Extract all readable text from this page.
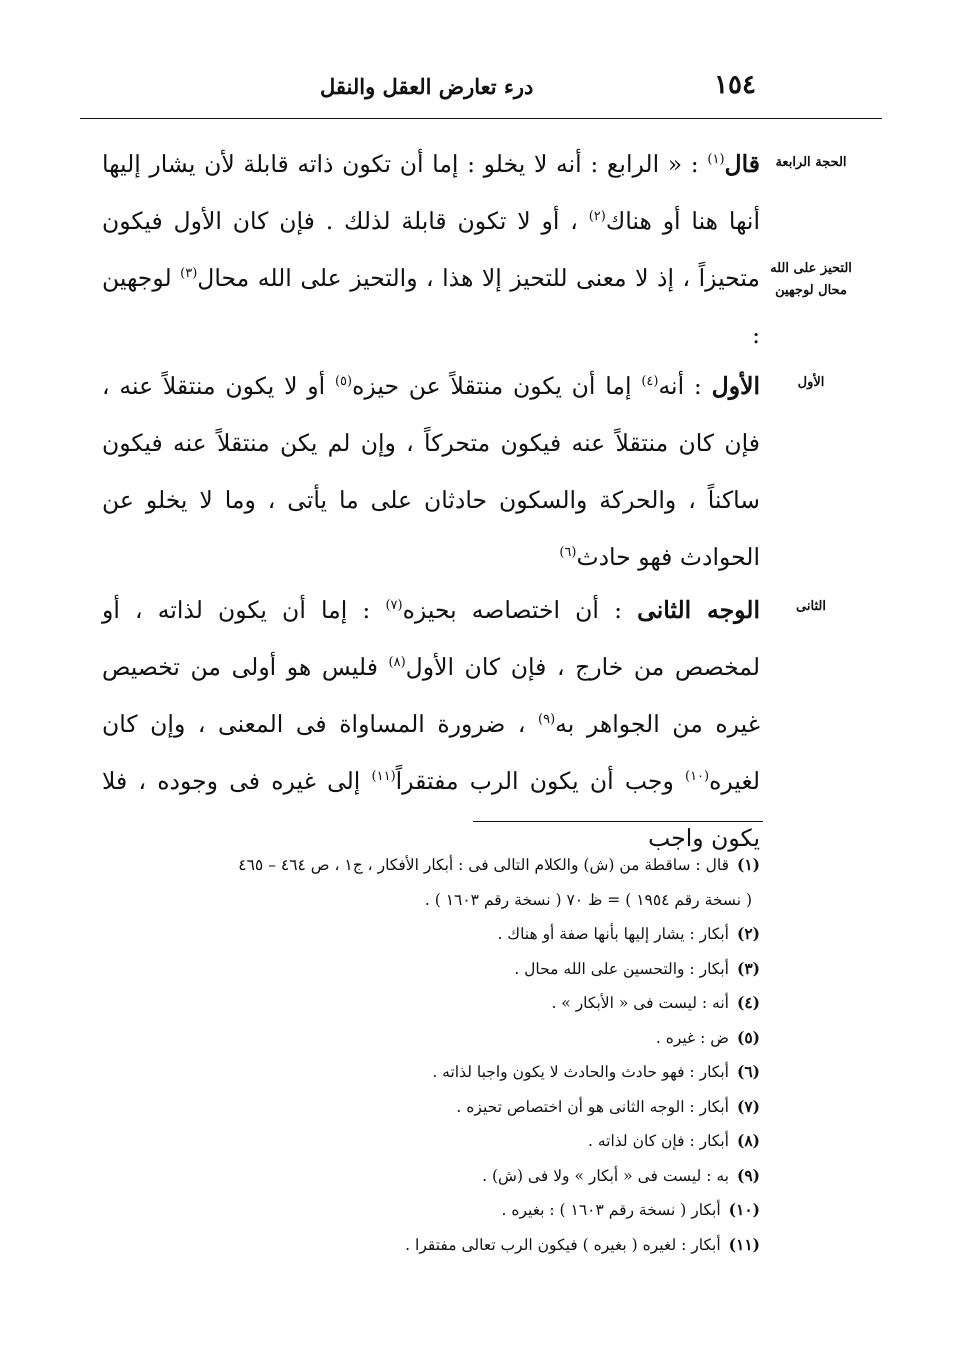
١٥٤
درء تعارض العقل والنقل
الحجة الرابعة
التحيز على الله محال لوجهين
الأول
الثانى

قال$^{(١)}$ : « الرابع : أنه لا يخلو : إما أن تكون ذاته قابلة لأن يشار إليها أنها هنا أو هناك$^{(٢)}$ ، أو لا تكون قابلة لذلك . فإن كان الأول فيكون متحيزاً ، إذ لا معنى للتحيز إلا هذا ، والتحيز على الله محال$^{(٣)}$ لوجهين :

الأول : أنه$^{(٤)}$ إما أن يكون منتقلاً عن حيزه$^{(٥)}$ أو لا يكون منتقلاً عنه ، فإن كان منتقلاً عنه فيكون متحركاً ، وإن لم يكن منتقلاً عنه فيكون ساكناً ، والحركة والسكون حادثان على ما يأتى ، وما لا يخلو عن الحوادث فهو حادث$^{(٦)}$

الوجه الثانى : أن اختصاصه بحيزه$^{(٧)}$ : إما أن يكون لذاته ، أو لمخصص من خارج ، فإن كان الأول$^{(٨)}$ فليس هو أولى من تخصيص غيره من الجواهر به$^{(٩)}$ ، ضرورة المساواة فى المعنى ، وإن كان لغيره$^{(١٠)}$ وجب أن يكون الرب مفتقراً$^{(١١)}$ إلى غيره فى وجوده ، فلا يكون واجب

(١)قال : ساقطة من (ش) والكلام التالى فى : أبكار الأفكار ، ج١ ، ص ٤٦٤ – ٤٦٥

( نسخة رقم ١٩٥٤ ) = ظ ٧٠ ( نسخة رقم ١٦٠٣ ) .

(٢)أبكار : يشار إليها بأنها صفة أو هناك .

(٣)أبكار : والتحسين على الله محال .

(٤)أنه : ليست فى « الأبكار » .

(٥)ض : غيره .

(٦)أبكار : فهو حادث والحادث لا يكون واجبا لذاته .

(٧)أبكار : الوجه الثانى هو أن اختصاص تحيزه .

(٨)أبكار : فإن كان لذاته .

(٩)به : ليست فى « أبكار » ولا فى (ش) .

(١٠)أبكار ( نسخة رقم ١٦٠٣ ) : بغيره .

(١١)أبكار : لغيره ( بغيره ) فيكون الرب تعالى مفتقرا .
